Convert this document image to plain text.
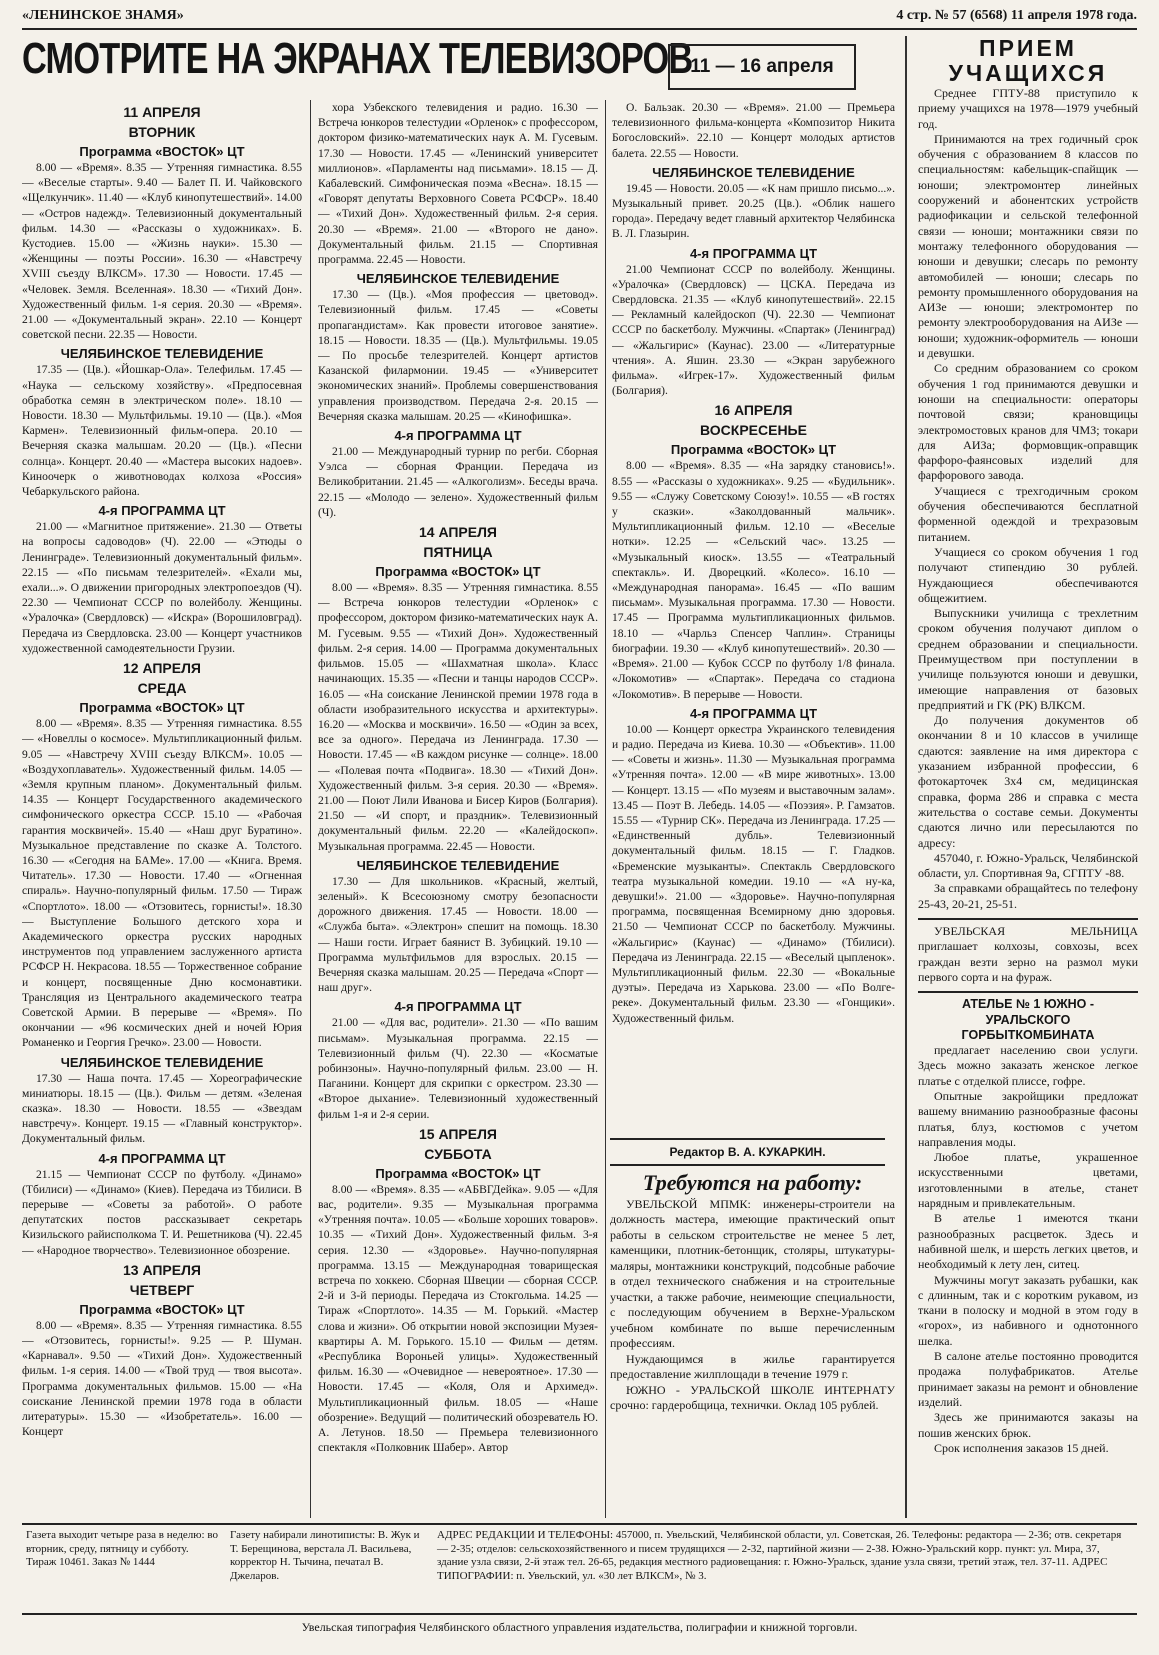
«ЛЕНИНСКОЕ ЗНАМЯ»	4 стр. № 57 (6568) 11 апреля 1978 года.
СМОТРИТЕ НА ЭКРАНАХ ТЕЛЕВИЗОРОВ
11 — 16 апреля
11 АПРЕЛЯ
ВТОРНИК
Программа «ВОСТОК» ЦТ

8.00 — «Время». 8.35 — Утренняя гимнастика. 8.55 — «Веселые старты». 9.40 — Балет П. И. Чайковского «Щелкунчик». 11.40 — «Клуб кинопутешествий». 14.00 — «Остров надежд». Телевизионный документальный фильм. 14.30 — «Рассказы о художниках». Б. Кустодиев. 15.00 — «Жизнь науки». 15.30 — «Женщины — поэты России». 16.30 — «Навстречу XVIII съезду ВЛКСМ». 17.30 — Новости. 17.45 — «Человек. Земля. Вселенная». 18.30 — «Тихий Дон». Художественный фильм. 1-я серия. 20.30 — «Время». 21.00 — «Документальный экран». 22.10 — Концерт советской песни. 22.35 — Новости.

ЧЕЛЯБИНСКОЕ ТЕЛЕВИДЕНИЕ

17.35 — (Цв.). «Йошкар-Ола». Телефильм. 17.45 — «Наука — сельскому хозяйству». «Предпосевная обработка семян в электрическом поле». 18.10 — Новости. 18.30 — Мультфильмы. 19.10 — (Цв.). «Моя Кармен». Телевизионный фильм-опера. 20.10 — Вечерняя сказка малышам. 20.20 — (Цв.). «Песни солнца». Концерт. 20.40 — «Мастера высоких надоев». Киноочерк о животноводах колхоза «Россия» Чебаркульского района.

4-я ПРОГРАММА ЦТ

21.00 — «Магнитное притяжение». 21.30 — Ответы на вопросы садоводов» (Ч). 22.00 — «Этюды о Ленинграде». Телевизионный документальный фильм». 22.15 — «По письмам телезрителей». «Ехали мы, ехали...». О движении пригородных электропоездов (Ч). 22.30 — Чемпионат СССР по волейболу. Женщины. «Уралочка» (Свердловск) — «Искра» (Ворошиловград). Передача из Свердловска. 23.00 — Концерт участников художественной самодеятельности Грузии.

12 АПРЕЛЯ
СРЕДА
Программа «ВОСТОК» ЦТ

8.00 — «Время». 8.35 — Утренняя гимнастика. 8.55 — «Новеллы о космосе». Мультипликационный фильм. 9.05 — «Навстречу XVIII съезду ВЛКСМ». 10.05 — «Воздухоплаватель». Художественный фильм. 14.05 — «Земля крупным планом». Документальный фильм. 14.35 — Концерт Государственного академического симфонического оркестра СССР. 15.10 — «Рабочая гарантия москвичей». 15.40 — «Наш друг Буратино». Музыкальное представление по сказке А. Толстого. 16.30 — «Сегодня на БАМе». 17.00 — «Книга. Время. Читатель». 17.30 — Новости. 17.40 — «Огненная спираль». Научно-популярный фильм. 17.50 — Тираж «Спортлото». 18.00 — «Отзовитесь, горнисты!». 18.30 — Выступление Большого детского хора и Академического оркестра русских народных инструментов под управлением заслуженного артиста РСФСР Н. Некрасова. 18.55 — Торжественное собрание и концерт, посвященные Дню космонавтики. Трансляция из Центрального академического театра Советской Армии. В перерыве — «Время». По окончании — «96 космических дней и ночей Юрия Романенко и Георгия Гречко». 23.00 — Новости.

ЧЕЛЯБИНСКОЕ ТЕЛЕВИДЕНИЕ

17.30 — Наша почта. 17.45 — Хореографические миниатюры. 18.15 — (Цв.). Фильм — детям. «Зеленая сказка». 18.30 — Новости. 18.55 — «Звездам навстречу». Концерт. 19.15 — «Главный конструктор». Документальный фильм.

4-я ПРОГРАММА ЦТ

21.15 — Чемпионат СССР по футболу. «Динамо» (Тбилиси) — «Динамо» (Киев). Передача из Тбилиси. В перерыве — «Советы за работой». О работе депутатских постов рассказывает секретарь Кизильского райисполкома Т. И. Решетникова (Ч). 22.45 — «Народное творчество». Телевизионное обозрение.

13 АПРЕЛЯ
ЧЕТВЕРГ
Программа «ВОСТОК» ЦТ

8.00 — «Время». 8.35 — Утренняя гимнастика. 8.55 — «Отзовитесь, горнисты!». 9.25 — Р. Шуман. «Карнавал». 9.50 — «Тихий Дон». Художественный фильм. 1-я серия. 14.00 — «Твой труд — твоя высота». Программа документальных фильмов. 15.00 — «На соискание Ленинской премии 1978 года в области литературы». 15.30 — «Изобретатель». 16.00 — Концерт

хора Узбекского телевидения и радио. 16.30 — Встреча юнкоров телестудии «Орленок» с профессором, доктором физико-математических наук А. М. Гусевым. 17.30 — Новости. 17.45 — «Ленинский университет миллионов». «Парламенты над письмами». 18.15 — Д. Кабалевский. Симфоническая поэма «Весна». 18.15 — «Говорят депутаты Верховного Совета РСФСР». 18.40 — «Тихий Дон». Художественный фильм. 2-я серия. 20.30 — «Время». 21.00 — «Второго не дано». Документальный фильм. 21.15 — Спортивная программа. 22.45 — Новости.

ЧЕЛЯБИНСКОЕ ТЕЛЕВИДЕНИЕ

17.30 — (Цв.). «Моя профессия — цветовод». Телевизионный фильм. 17.45 — «Советы пропагандистам». Как провести итоговое занятие». 18.15 — Новости. 18.35 — (Цв.). Мультфильмы. 19.05 — По просьбе телезрителей. Концерт артистов Казанской филармонии. 19.45 — «Университет экономических знаний». Проблемы совершенствования управления производством. Передача 2-я. 20.15 — Вечерняя сказка малышам. 20.25 — «Кинофишка».

4-я ПРОГРАММА ЦТ

21.00 — Международный турнир по регби. Сборная Уэлса — сборная Франции. Передача из Великобритании. 21.45 — «Алкоголизм». Беседы врача. 22.15 — «Молодо — зелено». Художественный фильм (Ч).

14 АПРЕЛЯ
ПЯТНИЦА
Программа «ВОСТОК» ЦТ

8.00 — «Время». 8.35 — Утренняя гимнастика. 8.55 — Встреча юнкоров телестудии «Орленок» с профессором, доктором физико-математических наук А. М. Гусевым. 9.55 — «Тихий Дон». Художественный фильм. 2-я серия. 14.00 — Программа документальных фильмов. 15.05 — «Шахматная школа». Класс начинающих. 15.35 — «Песни и танцы народов СССР». 16.05 — «На соискание Ленинской премии 1978 года в области изобразительного искусства и архитектуры». 16.20 — «Москва и москвичи». 16.50 — «Один за всех, все за одного». Передача из Ленинграда. 17.30 — Новости. 17.45 — «В каждом рисунке — солнце». 18.00 — «Полевая почта «Подвига». 18.30 — «Тихий Дон». Художественный фильм. 3-я серия. 20.30 — «Время». 21.00 — Поют Лили Иванова и Бисер Киров (Болгария). 21.50 — «И спорт, и праздник». Телевизионный документальный фильм. 22.20 — «Калейдоскоп». Музыкальная программа. 22.45 — Новости.

ЧЕЛЯБИНСКОЕ ТЕЛЕВИДЕНИЕ

17.30 — Для школьников. «Красный, желтый, зеленый». К Всесоюзному смотру безопасности дорожного движения. 17.45 — Новости. 18.00 — «Служба быта». «Электрон» спешит на помощь. 18.30 — Наши гости. Играет баянист В. Зубицкий. 19.10 — Программа мультфильмов для взрослых. 20.15 — Вечерняя сказка малышам. 20.25 — Передача «Спорт — наш друг».

4-я ПРОГРАММА ЦТ

21.00 — «Для вас, родители». 21.30 — «По вашим письмам». Музыкальная программа. 22.15 — Телевизионный фильм (Ч). 22.30 — «Косматые робинзоны». Научно-популярный фильм. 23.00 — Н. Паганини. Концерт для скрипки с оркестром. 23.30 — «Второе дыхание». Телевизионный художественный фильм 1-я и 2-я серии.

15 АПРЕЛЯ
СУББОТА
Программа «ВОСТОК» ЦТ

8.00 — «Время». 8.35 — «АБВГДейка». 9.05 — «Для вас, родители». 9.35 — Музыкальная программа «Утренняя почта». 10.05 — «Больше хороших товаров». 10.35 — «Тихий Дон». Художественный фильм. 3-я серия. 12.30 — «Здоровье». Научно-популярная программа. 13.15 — Международная товарищеская встреча по хоккею. Сборная Швеции — сборная СССР. 2-й и 3-й периоды. Передача из Стокгольма. 14.25 — Тираж «Спортлото». 14.35 — М. Горький. «Мастер слова и жизни». Об открытии новой экспозиции Музея-квартиры А. М. Горького. 15.10 — Фильм — детям. «Республика Вороньей улицы». Художественный фильм. 16.30 — «Очевидное — невероятное». 17.30 — Новости. 17.45 — «Коля, Оля и Архимед». Мультипликационный фильм. 18.05 — «Наше обозрение». Ведущий — политический обозреватель Ю. А. Летунов. 18.50 — Премьера телевизионного спектакля «Полковник Шабер». Автор

О. Бальзак. 20.30 — «Время». 21.00 — Премьера телевизионного фильма-концерта «Композитор Никита Богословский». 22.10 — Концерт молодых артистов балета. 22.55 — Новости.

ЧЕЛЯБИНСКОЕ ТЕЛЕВИДЕНИЕ

19.45 — Новости. 20.05 — «К нам пришло письмо...». Музыкальный привет. 20.25 (Цв.). «Облик нашего города». Передачу ведет главный архитектор Челябинска В. Л. Глазырин.

4-я ПРОГРАММА ЦТ

21.00 Чемпионат СССР по волейболу. Женщины. «Уралочка» (Свердловск) — ЦСКА. Передача из Свердловска. 21.35 — «Клуб кинопутешествий». 22.15 — Рекламный калейдоскоп (Ч). 22.30 — Чемпионат СССР по баскетболу. Мужчины. «Спартак» (Ленинград) — «Жальгирис» (Каунас). 23.00 — «Литературные чтения». А. Яшин. 23.30 — «Экран зарубежного фильма». «Игрек-17». Художественный фильм (Болгария).

16 АПРЕЛЯ
ВОСКРЕСЕНЬЕ
Программа «ВОСТОК» ЦТ

8.00 — «Время». 8.35 — «На зарядку становись!». 8.55 — «Рассказы о художниках». 9.25 — «Будильник». 9.55 — «Служу Советскому Союзу!». 10.55 — «В гостях у сказки». «Заколдованный мальчик». Мультипликационный фильм. 12.10 — «Веселые нотки». 12.25 — «Сельский час». 13.25 — «Музыкальный киоск». 13.55 — «Театральный спектакль». И. Дворецкий. «Колесо». 16.10 — «Международная панорама». 16.45 — «По вашим письмам». Музыкальная программа. 17.30 — Новости. 17.45 — Программа мультипликационных фильмов. 18.10 — «Чарльз Спенсер Чаплин». Страницы биографии. 19.30 — «Клуб кинопутешествий». 20.30 — «Время». 21.00 — Кубок СССР по футболу 1/8 финала. «Локомотив» — «Спартак». Передача со стадиона «Локомотив». В перерыве — Новости.

4-я ПРОГРАММА ЦТ

10.00 — Концерт оркестра Украинского телевидения и радио. Передача из Киева. 10.30 — «Объектив». 11.00 — «Советы и жизнь». 11.30 — Музыкальная программа «Утренняя почта». 12.00 — «В мире животных». 13.00 — Концерт. 13.15 — «По музеям и выставочным залам». 13.45 — Поэт В. Лебедь. 14.05 — «Поэзия». Р. Гамзатов. 15.55 — «Турнир СК». Передача из Ленинграда. 17.25 — «Единственный дубль». Телевизионный документальный фильм. 18.15 — Г. Гладков. «Бременские музыканты». Спектакль Свердловского театра музыкальной комедии. 19.10 — «А ну-ка, девушки!». 21.00 — «Здоровье». Научно-популярная программа, посвященная Всемирному дню здоровья. 21.50 — Чемпионат СССР по баскетболу. Мужчины. «Жальгирис» (Каунас) — «Динамо» (Тбилиси). Передача из Ленинграда. 22.15 — «Веселый цыпленок». Мультипликационный фильм. 22.30 — «Вокальные дуэты». Передача из Харькова. 23.00 — «По Волге-реке». Документальный фильм. 23.30 — «Гонщики». Художественный фильм.

Редактор В. А. КУКАРКИН.
Требуются на работу:

УВЕЛЬСКОЙ МПМК: инженеры-строители на должность мастера, имеющие практический опыт работы в сельском строительстве не менее 5 лет, каменщики, плотник-бетонщик, столяры, штукатуры-маляры, монтажники конструкций, подсобные рабочие в отдел технического снабжения и на строительные участки, а также рабочие, неимеющие специальности, с последующим обучением в Верхне-Уральском учебном комбинате по выше перечисленным профессиям.

Нуждающимся в жилье гарантируется предоставление жилплощади в течение 1979 г.

ЮЖНО - УРАЛЬСКОЙ ШКОЛЕ ИНТЕРНАТУ срочно: гардеробщица, технички. Оклад 105 рублей.

ПРИЕМ
УЧАЩИХСЯ

Среднее ГПТУ-88 приступило к приему учащихся на 1978—1979 учебный год.

Принимаются на трех годичный срок обучения с образованием 8 классов по специальностям: кабельщик-спайщик — юноши; электромонтер линейных сооружений и абонентских устройств радиофикации и сельской телефонной связи — юноши; монтажники связи по монтажу телефонного оборудования — юноши и девушки; слесарь по ремонту автомобилей — юноши; слесарь по ремонту промышленного оборудования на АИЗе — юноши; электромонтер по ремонту электрооборудования на АИЗе — юноши; художник-оформитель — юноши и девушки.

Со средним образованием со сроком обучения 1 год принимаются девушки и юноши на специальности: операторы почтовой связи; крановщицы электромостовых кранов для ЧМЗ; токари для АИЗа; формовщик-оправщик фарфоро-фаянсовых изделий для фарфорового завода.

Учащиеся с трехгодичным сроком обучения обеспечиваются бесплатной форменной одеждой и трехразовым питанием.

Учащиеся со сроком обучения 1 год получают стипендию 30 рублей. Нуждающиеся обеспечиваются общежитием.

Выпускники училища с трехлетним сроком обучения получают диплом о среднем образовании и специальности. Преимуществом при поступлении в училище пользуются юноши и девушки, имеющие направления от базовых предприятий и ГК (РК) ВЛКСМ.

До получения документов об окончании 8 и 10 классов в училище сдаются: заявление на имя директора с указанием избранной профессии, 6 фотокарточек 3х4 см, медицинская справка, форма 286 и справка с места жительства о составе семьи. Документы сдаются лично или пересылаются по адресу:

457040, г. Южно-Уральск, Челябинской области, ул. Спортивная 9а, СГПТУ -88.

За справками обращайтесь по телефону 25-43, 20-21, 25-51.

УВЕЛЬСКАЯ МЕЛЬНИЦА приглашает колхозы, совхозы, всех граждан везти зерно на размол муки первого сорта и на фураж.

АТЕЛЬЕ № 1 ЮЖНО - УРАЛЬСКОГО ГОРБЫТКОМБИНАТА

предлагает населению свои услуги. Здесь можно заказать женское легкое платье с отделкой плиссе, гофре.

Опытные закройщики предложат вашему вниманию разнообразные фасоны платья, блуз, костюмов с учетом направления моды.

Любое платье, украшенное искусственными цветами, изготовленными в ателье, станет нарядным и привлекательным.

В ателье 1 имеются ткани разнообразных расцветок. Здесь и набивной шелк, и шерсть легких цветов, и необходимый к лету лен, ситец.

Мужчины могут заказать рубашки, как с длинным, так и с коротким рукавом, из ткани в полоску и модной в этом году в «горох», из набивного и однотонного шелка.

В салоне ателье постоянно проводится продажа полуфабрикатов. Ателье принимает заказы на ремонт и обновление изделий.

Здесь же принимаются заказы на пошив женских брюк.

Срок исполнения заказов 15 дней.

Газета выходит четыре раза в неделю: во вторник, среду, пятницу и субботу. Тираж 10461. Заказ № 1444
Газету набирали линотиписты: В. Жук и Т. Берещинова, верстала Л. Васильева, корректор Н. Тычина, печатал В. Джеларов.
АДРЕС РЕДАКЦИИ И ТЕЛЕФОНЫ: 457000, п. Увельский, Челябинской области, ул. Советская, 26. Телефоны: редактора — 2-36; отв. секретаря — 2-35; отделов: сельскохозяйственного и писем трудящихся — 2-32, партийной жизни — 2-38. Южно-Уральский корр. пункт: ул. Мира, 37, здание узла связи, 2-й этаж тел. 26-65, редакция местного радиовещания: г. Южно-Уральск, здание узла связи, третий этаж, тел. 37-11. АДРЕС ТИПОГРАФИИ: п. Увельский, ул. «30 лет ВЛКСМ», № 3.
Увельская типография Челябинского областного управления издательства, полиграфии и книжной торговли.
